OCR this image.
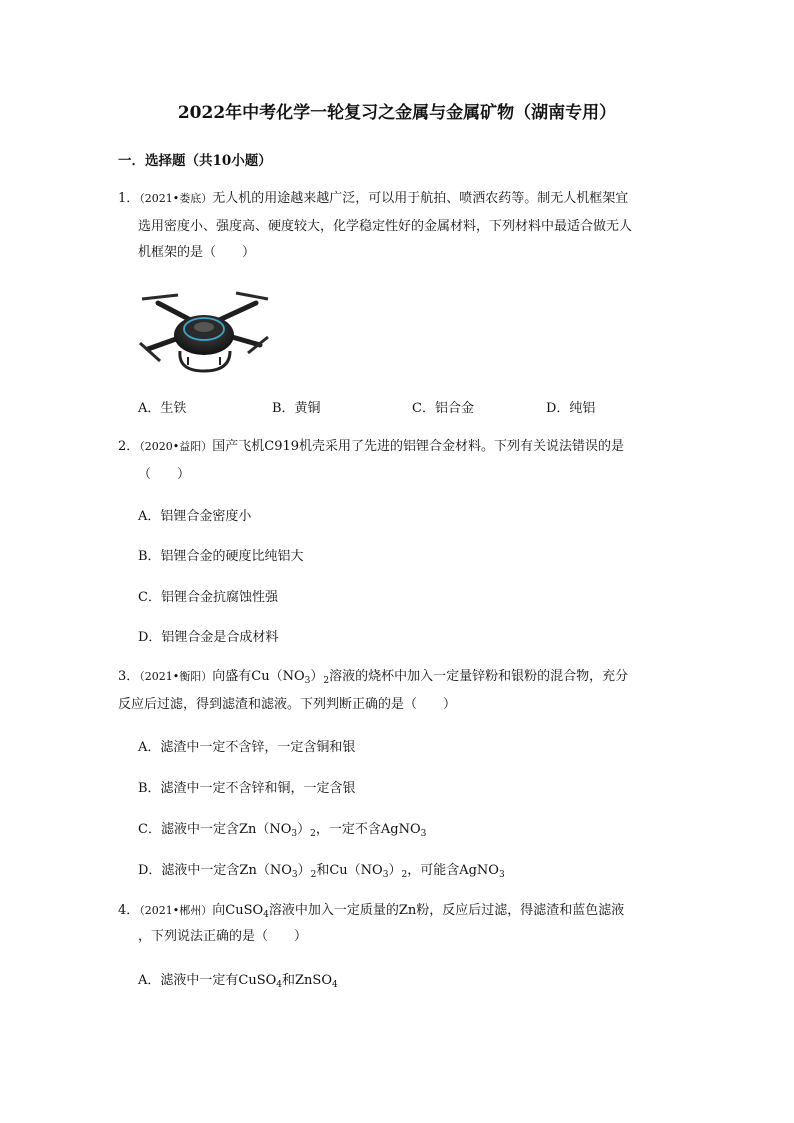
2022年中考化学一轮复习之金属与金属矿物（湖南专用）
一．选择题（共10小题）
1．（2021•娄底）无人机的用途越来越广泛，可以用于航拍、喷洒农药等。制无人机框架宜
选用密度小、强度高、硬度较大，化学稳定性好的金属材料，下列材料中最适合做无人
机框架的是（　　）
A．生铁	B．黄铜	C．铝合金	D．纯铝
2．（2020•益阳）国产飞机C919机壳采用了先进的铝锂合金材料。下列有关说法错误的是
（　　）
A．铝锂合金密度小
B．铝锂合金的硬度比纯铝大
C．铝锂合金抗腐蚀性强
D．铝锂合金是合成材料
3．（2021•衡阳）向盛有$Cu(NO_3)_2$溶液的烧杯中加入一定量锌粉和银粉的混合物，充分
反应后过滤，得到滤渣和滤液。下列判断正确的是（　　）
A．滤渣中一定不含锌，一定含铜和银
B．滤渣中一定不含锌和铜，一定含银
C．滤液中一定含$Zn(NO_3)_2$，一定不含AgNO$_3$
D．滤液中一定含$Zn(NO_3)_2$和$Cu(NO_3)_2$，可能含AgNO$_3$
4．（2021•郴州）向CuSO$_4$溶液中加入一定质量的Zn粉，反应后过滤，得滤渣和蓝色滤液
，下列说法正确的是（　　）
A．滤液中一定有CuSO$_4$和ZnSO$_4$
